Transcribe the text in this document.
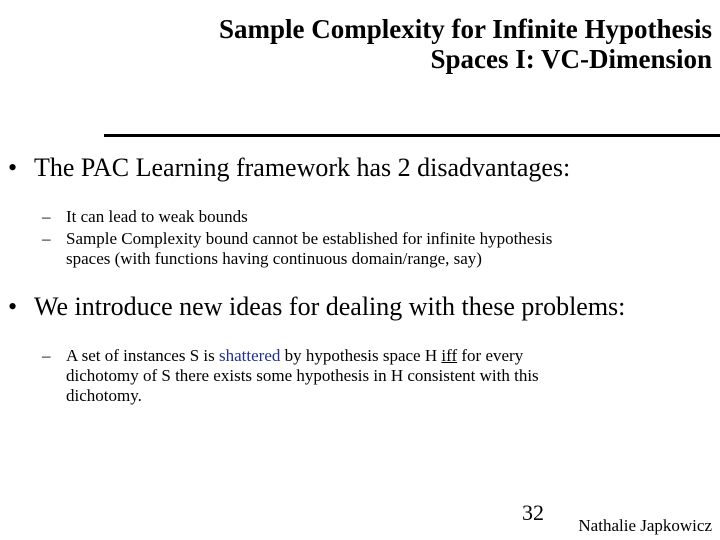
Sample Complexity for Infinite Hypothesis
Spaces I: VC-Dimension
• The PAC Learning framework has 2 disadvantages:
– It can lead to weak bounds
– Sample Complexity bound cannot be established for infinite hypothesis
spaces (with functions having continuous domain/range, say)
• We introduce new ideas for dealing with these problems:
– A set of instances S is shattered by hypothesis space H iff for every
dichotomy of S there exists some hypothesis in H consistent with this
dichotomy.
32
Nathalie Japkowicz
